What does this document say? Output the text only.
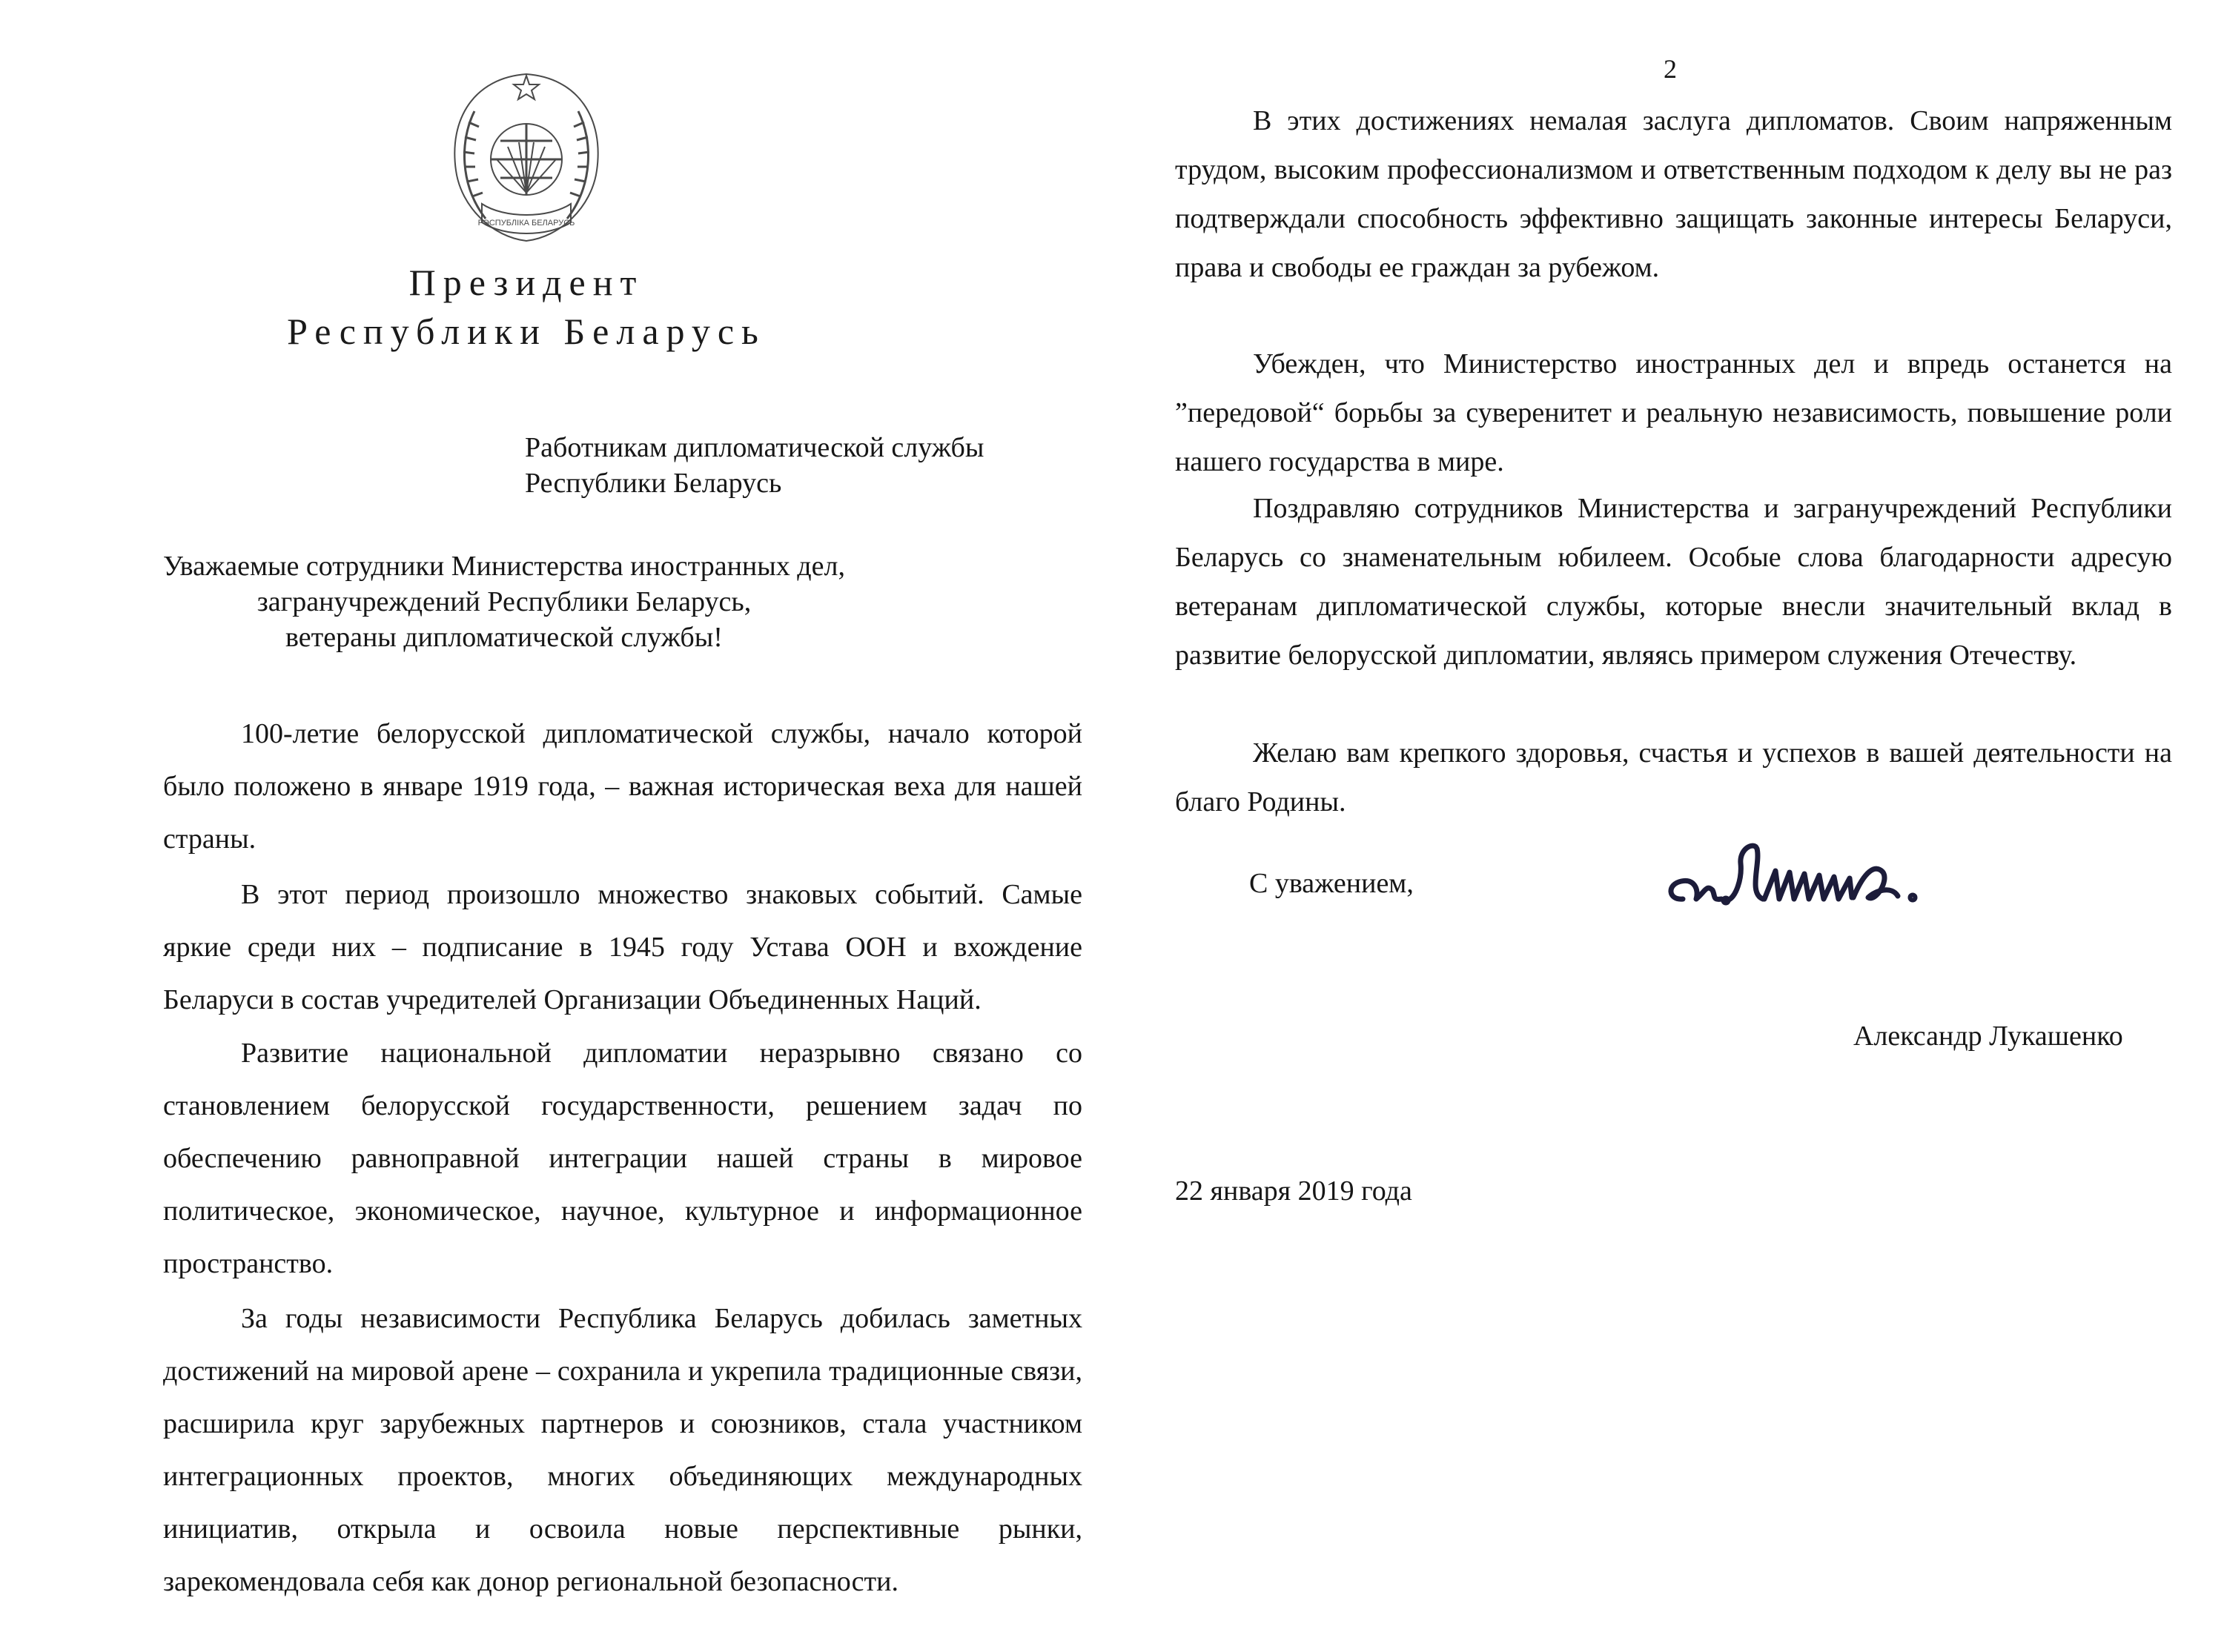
РЭСПУБЛІКА БЕЛАРУСЬ
Президент
Республики Беларусь
Работникам дипломатической службы
Республики Беларусь
Уважаемые сотрудники Министерства иностранных дел,
загранучреждений Республики Беларусь,
ветераны дипломатической службы!

100-летие белорусской дипломатической службы, начало которой было положено в январе 1919 года, – важная историческая веха для нашей страны.

В этот период произошло множество знаковых событий. Самые яркие среди них – подписание в 1945 году Устава ООН и вхождение Беларуси в состав учредителей Организации Объединенных Наций.

Развитие национальной дипломатии неразрывно связано со становлением белорусской государственности, решением задач по обеспечению равноправной интеграции нашей страны в мировое политическое, экономическое, научное, культурное и информационное пространство.

За годы независимости Республика Беларусь добилась заметных достижений на мировой арене – сохранила и укрепила традиционные связи, расширила круг зарубежных партнеров и союзников, стала участником интеграционных проектов, многих объединяющих международных инициатив, открыла и освоила новые перспективные рынки, зарекомендовала себя как донор региональной безопасности.

2

В этих достижениях немалая заслуга дипломатов. Своим напряженным трудом, высоким профессионализмом и ответственным подходом к делу вы не раз подтверждали способность эффективно защищать законные интересы Беларуси, права и свободы ее граждан за рубежом.

Убежден, что Министерство иностранных дел и впредь останется на ”передовой“ борьбы за суверенитет и реальную независимость, повышение роли нашего государства в мире.

Поздравляю сотрудников Министерства и загранучреждений Республики Беларусь со знаменательным юбилеем. Особые слова благодарности адресую ветеранам дипломатической службы, которые внесли значительный вклад в развитие белорусской дипломатии, являясь примером служения Отечеству.

Желаю вам крепкого здоровья, счастья и успехов в вашей деятельности на благо Родины.

С уважением,
Александр Лукашенко
22 января 2019 года
